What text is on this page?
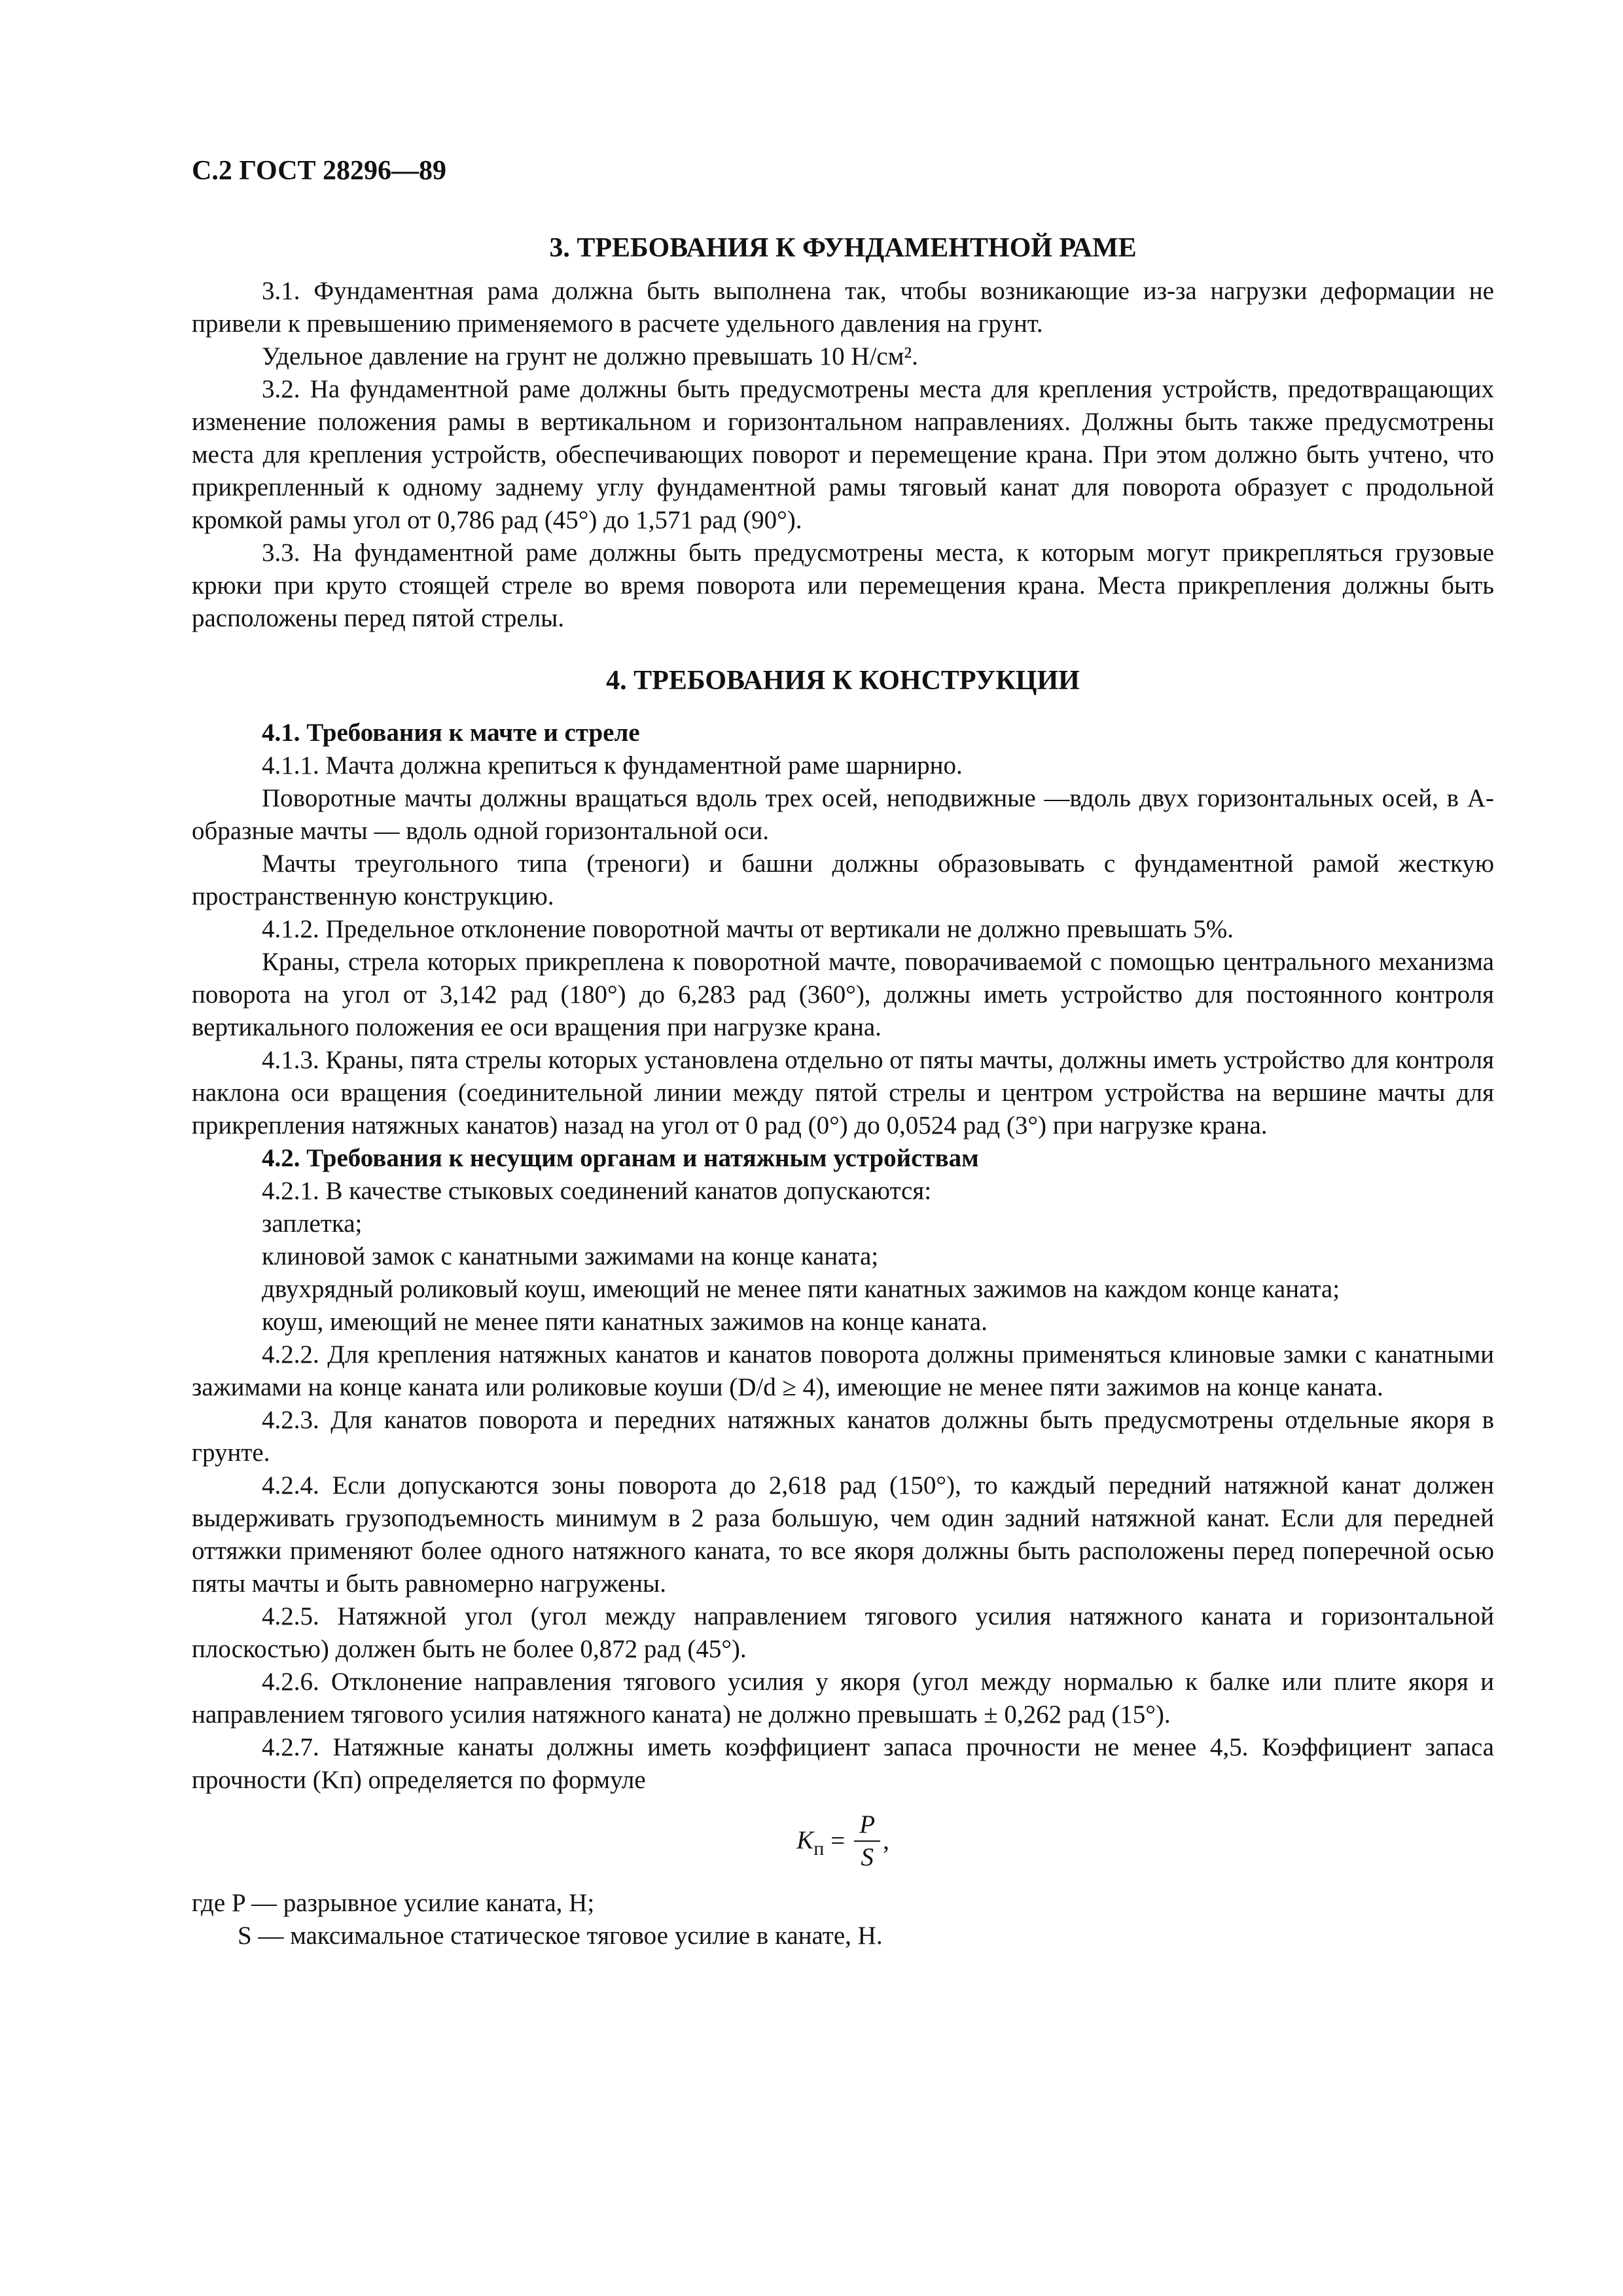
С.2 ГОСТ 28296—89
3. ТРЕБОВАНИЯ К ФУНДАМЕНТНОЙ РАМЕ

3.1. Фундаментная рама должна быть выполнена так, чтобы возникающие из-за нагрузки деформации не привели к превышению применяемого в расчете удельного давления на грунт.

Удельное давление на грунт не должно превышать 10 Н/см².

3.2. На фундаментной раме должны быть предусмотрены места для крепления устройств, предотвращающих изменение положения рамы в вертикальном и горизонтальном направлениях. Должны быть также предусмотрены места для крепления устройств, обеспечивающих поворот и перемещение крана. При этом должно быть учтено, что прикрепленный к одному заднему углу фундаментной рамы тяговый канат для поворота образует с продольной кромкой рамы угол от 0,786 рад (45°) до 1,571 рад (90°).

3.3. На фундаментной раме должны быть предусмотрены места, к которым могут прикрепляться грузовые крюки при круто стоящей стреле во время поворота или перемещения крана. Места прикрепления должны быть расположены перед пятой стрелы.

4. ТРЕБОВАНИЯ К КОНСТРУКЦИИ

4.1. Требования к мачте и стреле

4.1.1. Мачта должна крепиться к фундаментной раме шарнирно.

Поворотные мачты должны вращаться вдоль трех осей, неподвижные —вдоль двух горизонтальных осей, в А-образные мачты — вдоль одной горизонтальной оси.

Мачты треугольного типа (треноги) и башни должны образовывать с фундаментной рамой жесткую пространственную конструкцию.

4.1.2. Предельное отклонение поворотной мачты от вертикали не должно превышать 5%.

Краны, стрела которых прикреплена к поворотной мачте, поворачиваемой с помощью центрального механизма поворота на угол от 3,142 рад (180°) до 6,283 рад (360°), должны иметь устройство для постоянного контроля вертикального положения ее оси вращения при нагрузке крана.

4.1.3. Краны, пята стрелы которых установлена отдельно от пяты мачты, должны иметь устройство для контроля наклона оси вращения (соединительной линии между пятой стрелы и центром устройства на вершине мачты для прикрепления натяжных канатов) назад на угол от 0 рад (0°) до 0,0524 рад (3°) при нагрузке крана.

4.2. Требования к несущим органам и натяжным устройствам

4.2.1. В качестве стыковых соединений канатов допускаются:

заплетка;

клиновой замок с канатными зажимами на конце каната;

двухрядный роликовый коуш, имеющий не менее пяти канатных зажимов на каждом конце каната;

коуш, имеющий не менее пяти канатных зажимов на конце каната.

4.2.2. Для крепления натяжных канатов и канатов поворота должны применяться клиновые замки с канатными зажимами на конце каната или роликовые коуши (D/d ≥ 4), имеющие не менее пяти зажимов на конце каната.

4.2.3. Для канатов поворота и передних натяжных канатов должны быть предусмотрены отдельные якоря в грунте.

4.2.4. Если допускаются зоны поворота до 2,618 рад (150°), то каждый передний натяжной канат должен выдерживать грузоподъемность минимум в 2 раза большую, чем один задний натяжной канат. Если для передней оттяжки применяют более одного натяжного каната, то все якоря должны быть расположены перед поперечной осью пяты мачты и быть равномерно нагружены.

4.2.5. Натяжной угол (угол между направлением тягового усилия натяжного каната и горизонтальной плоскостью) должен быть не более 0,872 рад (45°).

4.2.6. Отклонение направления тягового усилия у якоря (угол между нормалью к балке или плите якоря и направлением тягового усилия натяжного каната) не должно превышать ± 0,262 рад (15°).

4.2.7. Натяжные канаты должны иметь коэффициент запаса прочности не менее 4,5. Коэффициент запаса прочности (Kп) определяется по формуле

$K_п = \frac{P}{S}$ ,

где P — разрывное усилие каната, Н;

S — максимальное статическое тяговое усилие в канате, Н.
